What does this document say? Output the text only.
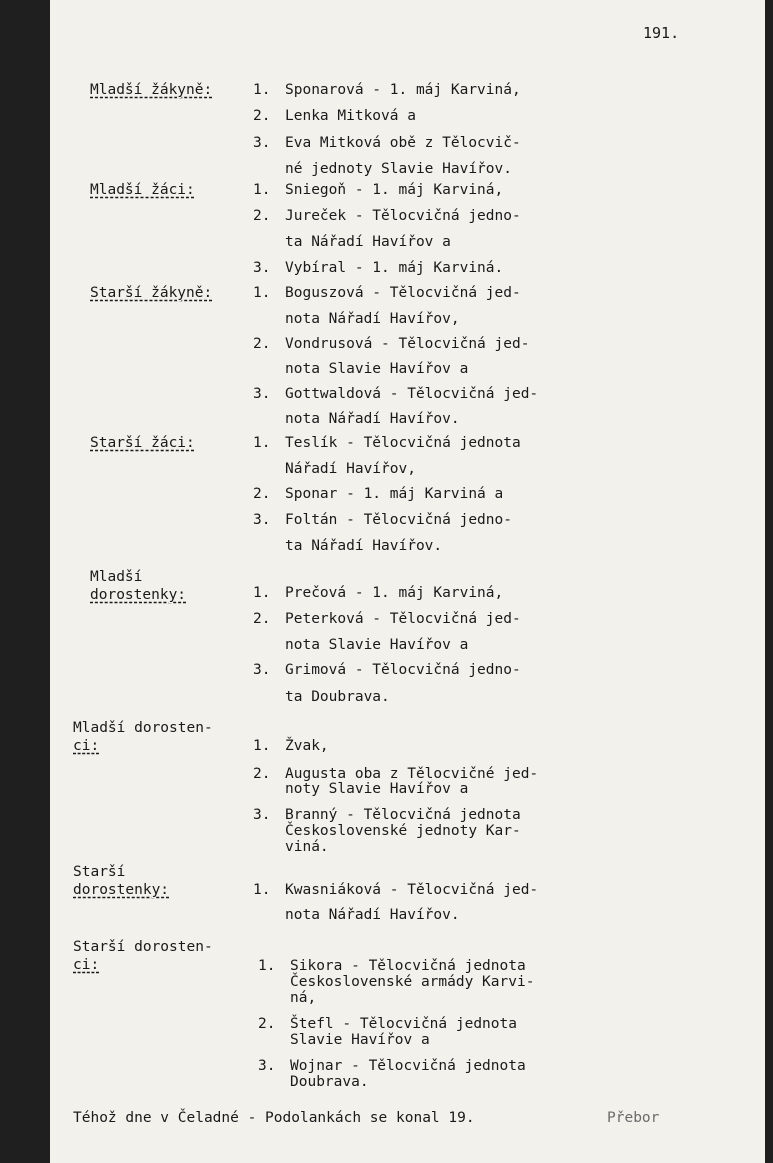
191.
Mladší žákyně:	1.Sponarová - 1. máj Karviná,
2.Lenka Mitková a
3.Eva Mitková obě z Tělocvič-
né jednoty Slavie Havířov.
Mladší žáci:	1.Sniegoň - 1. máj Karviná,
2.Jureček - Tělocvičná jedno-
ta Nářadí Havířov a
3.Vybíral - 1. máj Karviná.
Starší žákyně:	1.Boguszová - Tělocvičná jed-
nota Nářadí Havířov,
2.Vondrusová - Tělocvičná jed-
nota Slavie Havířov a
3.Gottwaldová - Tělocvičná jed-
nota Nářadí Havířov.
Starší žáci:	1.Teslík - Tělocvičná jednota
Nářadí Havířov,
2.Sponar - 1. máj Karviná a
3.Foltán - Tělocvičná jedno-
ta Nářadí Havířov.
Mladší
dorostenky:	1.Prečová - 1. máj Karviná,
2.Peterková - Tělocvičná jed-
nota Slavie Havířov a
3.Grimová - Tělocvičná jedno-
ta Doubrava.
Mladší dorosten-
ci:	1.Žvak,
2.Augusta oba z Tělocvičné jed-
noty Slavie Havířov a
3.Branný - Tělocvičná jednota
Československé jednoty Kar-
viná.
Starší
dorostenky:	1.Kwasniáková - Tělocvičná jed-
nota Nářadí Havířov.
Starší dorosten-
ci:	1.Sikora - Tělocvičná jednota
Československé armády Karvi-
ná,
2.Štefl - Tělocvičná jednota
Slavie Havířov a
3.Wojnar - Tělocvičná jednota
Doubrava.
Téhož dne v Čeladné - Podolankách se konal 19.	Přebor
